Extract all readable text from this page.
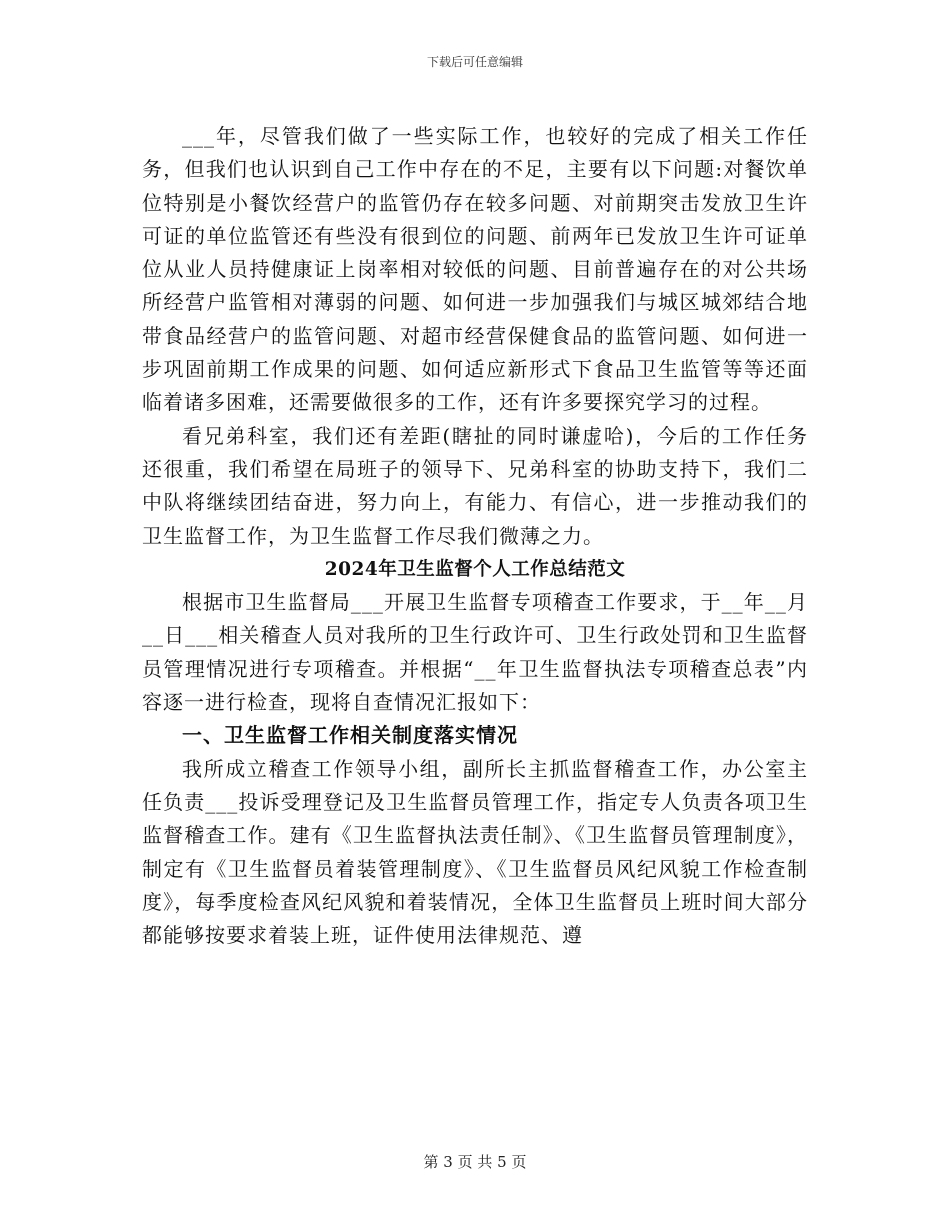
下载后可任意编辑

___年，尽管我们做了一些实际工作，也较好的完成了相关工作任务，但我们也认识到自己工作中存在的不足，主要有以下问题:对餐饮单位特别是小餐饮经营户的监管仍存在较多问题、对前期突击发放卫生许可证的单位监管还有些没有很到位的问题、前两年已发放卫生许可证单位从业人员持健康证上岗率相对较低的问题、目前普遍存在的对公共场所经营户监管相对薄弱的问题、如何进一步加强我们与城区城郊结合地带食品经营户的监管问题、对超市经营保健食品的监管问题、如何进一步巩固前期工作成果的问题、如何适应新形式下食品卫生监管等等还面临着诸多困难，还需要做很多的工作，还有许多要探究学习的过程。

看兄弟科室，我们还有差距(瞎扯的同时谦虚哈)，今后的工作任务还很重，我们希望在局班子的领导下、兄弟科室的协助支持下，我们二中队将继续团结奋进，努力向上，有能力、有信心，进一步推动我们的卫生监督工作，为卫生监督工作尽我们微薄之力。

2024年卫生监督个人工作总结范文

根据市卫生监督局___开展卫生监督专项稽查工作要求，于__年__月__日___相关稽查人员对我所的卫生行政许可、卫生行政处罚和卫生监督员管理情况进行专项稽查。并根据“__年卫生监督执法专项稽查总表”内容逐一进行检查，现将自查情况汇报如下：

一、卫生监督工作相关制度落实情况

我所成立稽查工作领导小组，副所长主抓监督稽查工作，办公室主任负责___投诉受理登记及卫生监督员管理工作，指定专人负责各项卫生监督稽查工作。建有《卫生监督执法责任制》、《卫生监督员管理制度》，制定有《卫生监督员着装管理制度》、《卫生监督员风纪风貌工作检查制度》，每季度检查风纪风貌和着装情况，全体卫生监督员上班时间大部分都能够按要求着装上班，证件使用法律规范、遵

第 3 页 共 5 页
